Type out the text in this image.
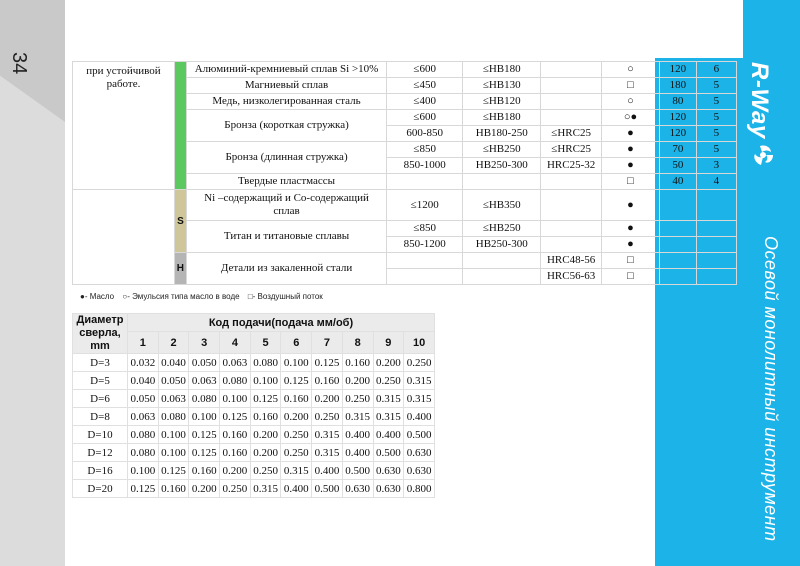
34	R-Way
Осевой монолитный инструмент
при устойчивой работе.		Алюминий-кремниевый сплав Si >10%	≤600	≤HB180		○	120	6
		Магниевый сплав	≤450	≤HB130		□	180	5
		Медь, низколегированная сталь	≤400	≤HB120		○	80	5
		Бронза (короткая стружка)	≤600	≤HB180		○●	120	5
			600-850	HB180-250	≤HRC25	●	120	5
		Бронза (длинная стружка)	≤850	≤HB250	≤HRC25	●	70	5
			850-1000	HB250-300	HRC25-32	●	50	3
		Твердые пластмассы				□	40	4
	S	Ni –содержащий и Co-содержащий сплав	≤1200	≤HB350		●		
		Титан и титановые сплавы	≤850	≤HB250		●		
			850-1200	HB250-300		●		
	H	Детали из закаленной стали			HRC48-56	□		
					HRC56-63	□		
●- Масло ○- Эмульсия типа масло в воде □- Воздушный поток
Диаметр сверла, mm	Код подачи(подача мм/об)									
	1	2	3	4	5	6	7	8	9	10
D=3	0.032	0.040	0.050	0.063	0.080	0.100	0.125	0.160	0.200	0.250
D=5	0.040	0.050	0.063	0.080	0.100	0.125	0.160	0.200	0.250	0.315
D=6	0.050	0.063	0.080	0.100	0.125	0.160	0.200	0.250	0.315	0.315
D=8	0.063	0.080	0.100	0.125	0.160	0.200	0.250	0.315	0.315	0.400
D=10	0.080	0.100	0.125	0.160	0.200	0.250	0.315	0.400	0.400	0.500
D=12	0.080	0.100	0.125	0.160	0.200	0.250	0.315	0.400	0.500	0.630
D=16	0.100	0.125	0.160	0.200	0.250	0.315	0.400	0.500	0.630	0.630
D=20	0.125	0.160	0.200	0.250	0.315	0.400	0.500	0.630	0.630	0.800
